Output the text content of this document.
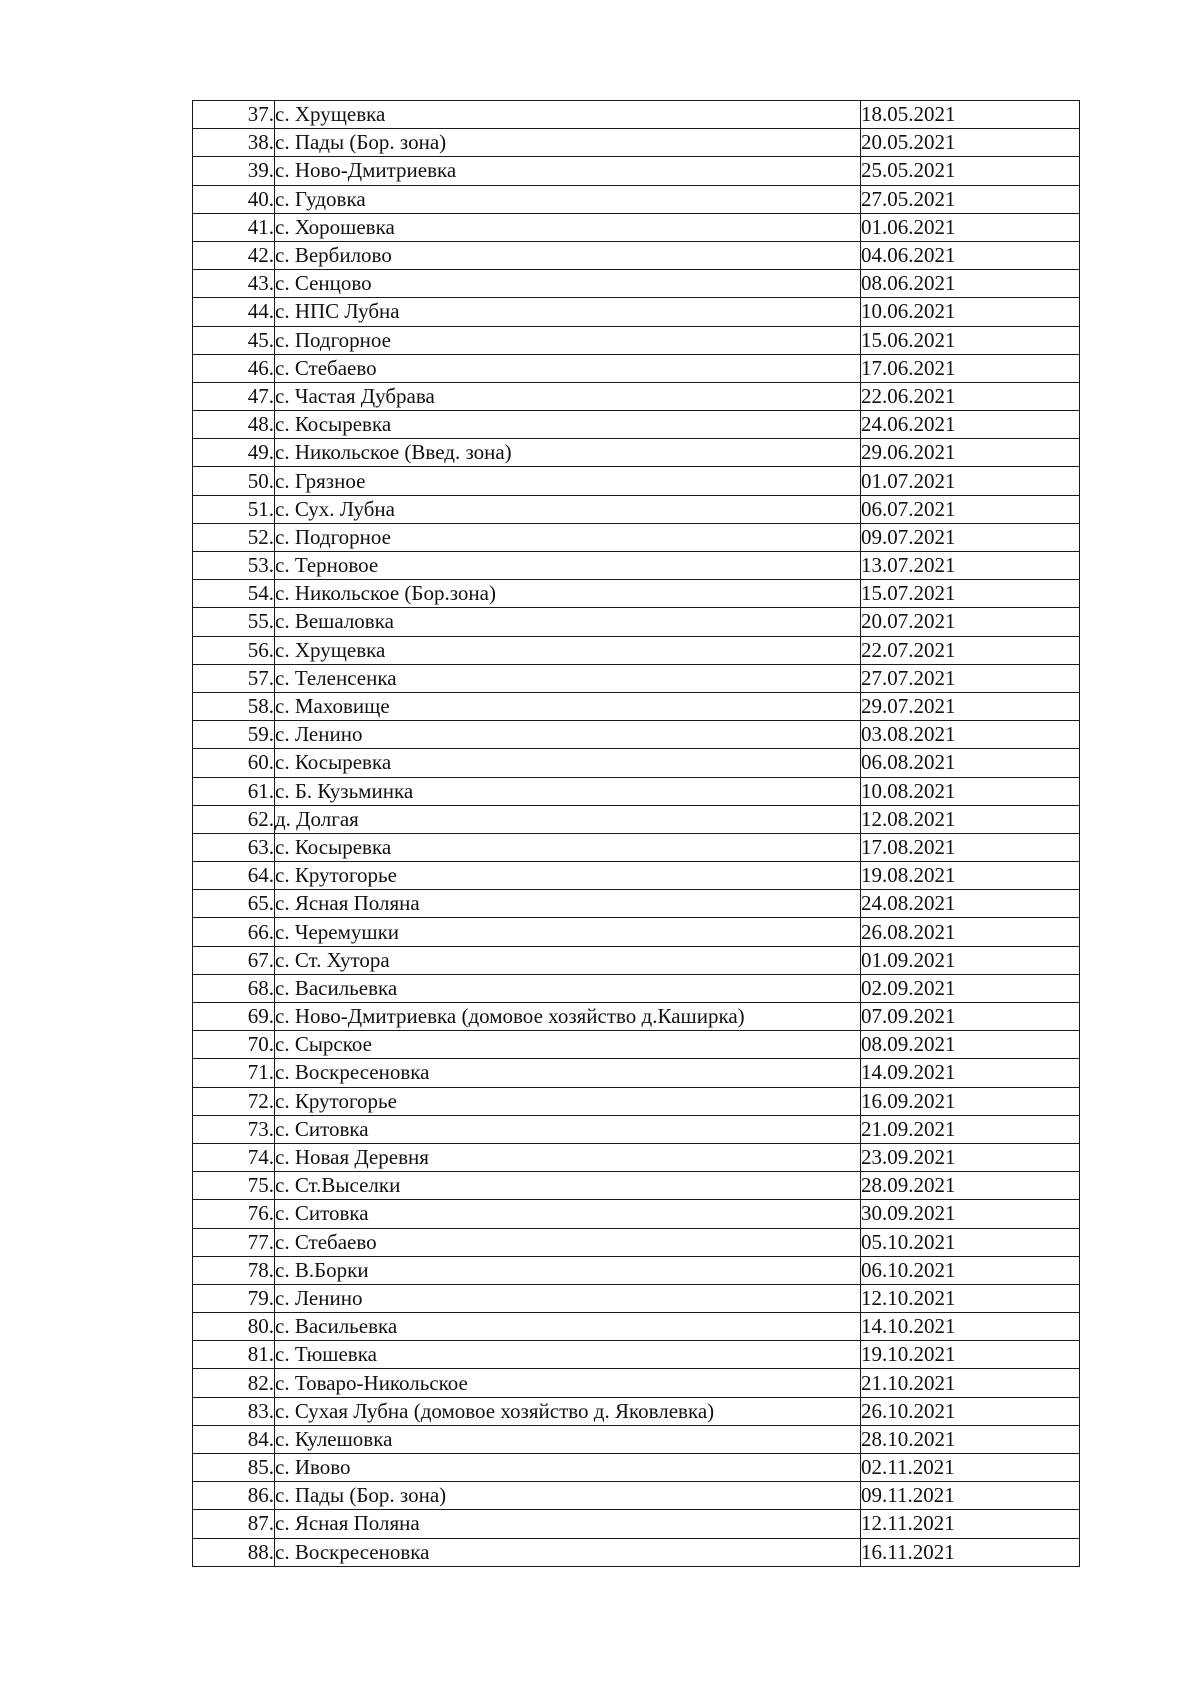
37.	с. Хрущевка	18.05.2021
38.	с. Пады (Бор. зона)	20.05.2021
39.	с. Ново-Дмитриевка	25.05.2021
40.	с. Гудовка	27.05.2021
41.	с. Хорошевка	01.06.2021
42.	с. Вербилово	04.06.2021
43.	с. Сенцово	08.06.2021
44.	с. НПС Лубна	10.06.2021
45.	с. Подгорное	15.06.2021
46.	с. Стебаево	17.06.2021
47.	с. Частая Дубрава	22.06.2021
48.	с. Косыревка	24.06.2021
49.	с. Никольское (Введ. зона)	29.06.2021
50.	с. Грязное	01.07.2021
51.	с. Сух. Лубна	06.07.2021
52.	с. Подгорное	09.07.2021
53.	с. Терновое	13.07.2021
54.	с. Никольское (Бор.зона)	15.07.2021
55.	с. Вешаловка	20.07.2021
56.	с. Хрущевка	22.07.2021
57.	с. Теленсенка	27.07.2021
58.	с. Маховище	29.07.2021
59.	с. Ленино	03.08.2021
60.	с. Косыревка	06.08.2021
61.	с. Б. Кузьминка	10.08.2021
62.	д. Долгая	12.08.2021
63.	с. Косыревка	17.08.2021
64.	с. Крутогорье	19.08.2021
65.	с. Ясная Поляна	24.08.2021
66.	с. Черемушки	26.08.2021
67.	с. Ст. Хутора	01.09.2021
68.	с. Васильевка	02.09.2021
69.	с. Ново-Дмитриевка (домовое хозяйство д.Каширка)	07.09.2021
70.	с. Сырское	08.09.2021
71.	с. Воскресеновка	14.09.2021
72.	с. Крутогорье	16.09.2021
73.	с. Ситовка	21.09.2021
74.	с. Новая Деревня	23.09.2021
75.	с. Ст.Выселки	28.09.2021
76.	с. Ситовка	30.09.2021
77.	с. Стебаево	05.10.2021
78.	с. В.Борки	06.10.2021
79.	с. Ленино	12.10.2021
80.	с. Васильевка	14.10.2021
81.	с. Тюшевка	19.10.2021
82.	с. Товаро-Никольское	21.10.2021
83.	с. Сухая Лубна (домовое хозяйство д. Яковлевка)	26.10.2021
84.	с. Кулешовка	28.10.2021
85.	с. Ивово	02.11.2021
86.	с. Пады (Бор. зона)	09.11.2021
87.	с. Ясная Поляна	12.11.2021
88.	с. Воскресеновка	16.11.2021
